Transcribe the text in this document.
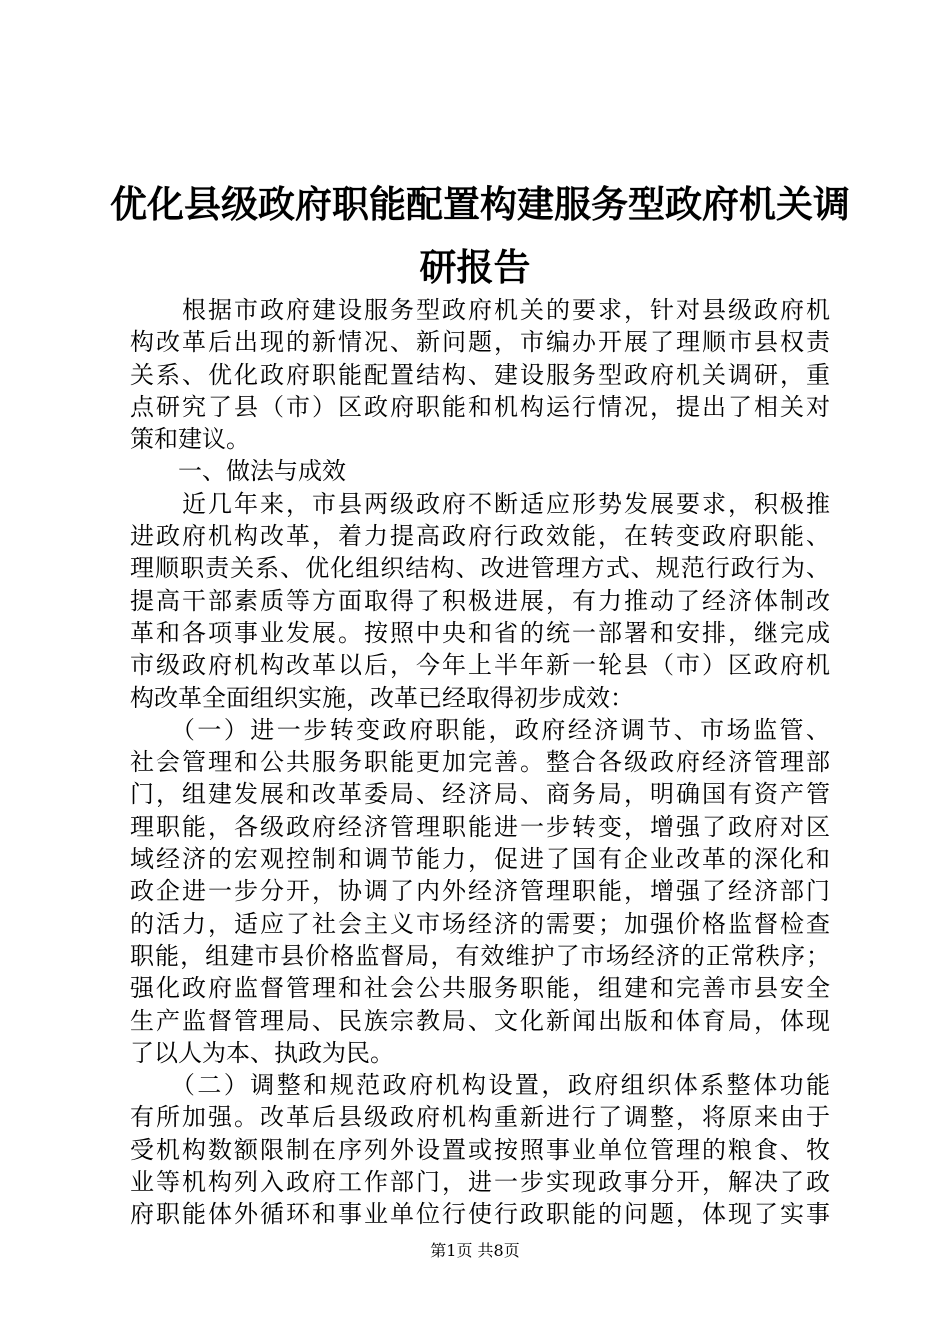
优化县级政府职能配置构建服务型政府机关调
研报告
　　根据市政府建设服务型政府机关的要求，针对县级政府机
构改革后出现的新情况、新问题，市编办开展了理顺市县权责
关系、优化政府职能配置结构、建设服务型政府机关调研，重
点研究了县（市）区政府职能和机构运行情况，提出了相关对
策和建议。
　　一、做法与成效
　　近几年来，市县两级政府不断适应形势发展要求，积极推
进政府机构改革，着力提高政府行政效能，在转变政府职能、
理顺职责关系、优化组织结构、改进管理方式、规范行政行为、
提高干部素质等方面取得了积极进展，有力推动了经济体制改
革和各项事业发展。按照中央和省的统一部署和安排，继完成
市级政府机构改革以后，今年上半年新一轮县（市）区政府机
构改革全面组织实施，改革已经取得初步成效：
　　（一）进一步转变政府职能，政府经济调节、市场监管、
社会管理和公共服务职能更加完善。整合各级政府经济管理部
门，组建发展和改革委局、经济局、商务局，明确国有资产管
理职能，各级政府经济管理职能进一步转变，增强了政府对区
域经济的宏观控制和调节能力，促进了国有企业改革的深化和
政企进一步分开，协调了内外经济管理职能，增强了经济部门
的活力，适应了社会主义市场经济的需要；加强价格监督检查
职能，组建市县价格监督局，有效维护了市场经济的正常秩序；
强化政府监督管理和社会公共服务职能，组建和完善市县安全
生产监督管理局、民族宗教局、文化新闻出版和体育局，体现
了以人为本、执政为民。
　　（二）调整和规范政府机构设置，政府组织体系整体功能
有所加强。改革后县级政府机构重新进行了调整，将原来由于
受机构数额限制在序列外设置或按照事业单位管理的粮食、牧
业等机构列入政府工作部门，进一步实现政事分开，解决了政
府职能体外循环和事业单位行使行政职能的问题，体现了实事
第1页 共8页
